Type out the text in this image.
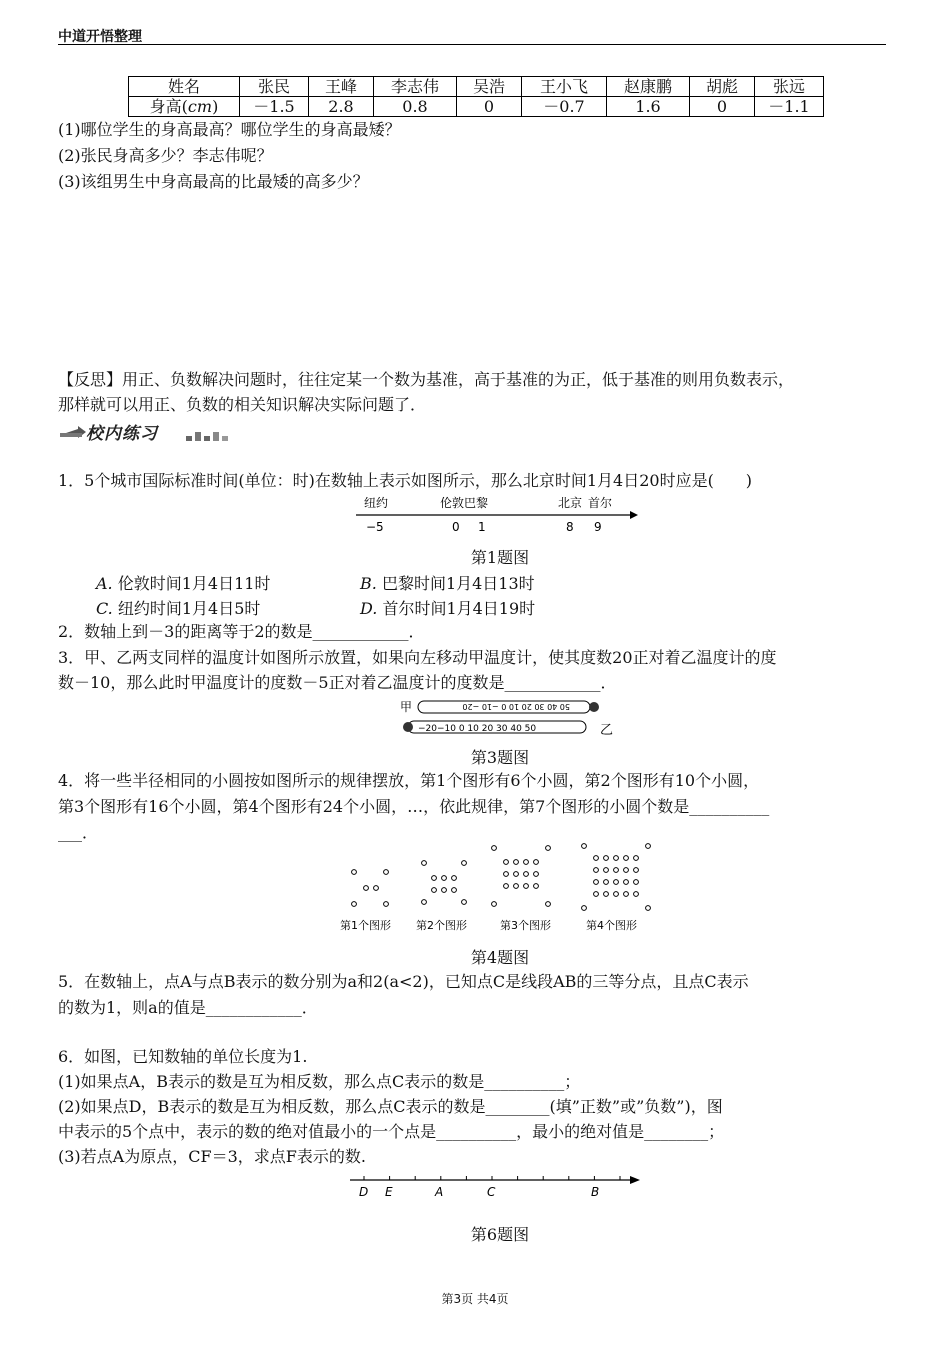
中道开悟整理
姓名	张民	王峰	李志伟	吴浩	王小飞	赵康鹏	胡彪	张远
身高(cm)	－1.5	2.8	0.8	0	－0.7	1.6	0	－1.1
(1)哪位学生的身高最高？哪位学生的身高最矮？
(2)张民身高多少？李志伟呢？
(3)该组男生中身高最高的比最矮的高多少？
【反思】用正、负数解决问题时，往往定某一个数为基准，高于基准的为正，低于基准的则用负数表示，
那样就可以用正、负数的相关知识解决实际问题了．
校内练习
1．5个城市国际标准时间(单位：时)在数轴上表示如图所示，那么北京时间1月4日20时应是(　　)
纽约	伦敦巴黎	北京 首尔
−5	0 1	8 9
第1题图
A. 伦敦时间1月4日11时	B. 巴黎时间1月4日13时
C. 纽约时间1月4日5时	D. 首尔时间1月4日19时
2．数轴上到－3的距离等于2的数是____________．
3．甲、乙两支同样的温度计如图所示放置，如果向左移动甲温度计，使其度数20正对着乙温度计的度
数－10，那么此时甲温度计的度数－5正对着乙温度计的度数是____________．
甲	50 40 30 20 10 0 −10 −20
−20−10 0 10 20 30 40 50	乙
第3题图
4．将一些半径相同的小圆按如图所示的规律摆放，第1个图形有6个小圆，第2个图形有10个小圆，
第3个图形有16个小圆，第4个图形有24个小圆，…，依此规律，第7个图形的小圆个数是__________
___．
第1个图形 第2个图形	第3个图形	第4个图形
第4题图
5．在数轴上，点A与点B表示的数分别为a和2(a<2)，已知点C是线段AB的三等分点，且点C表示
的数为1，则a的值是____________．
6．如图，已知数轴的单位长度为1.
(1)如果点A，B表示的数是互为相反数，那么点C表示的数是__________；
(2)如果点D，B表示的数是互为相反数，那么点C表示的数是________(填”正数”或”负数”)，图
中表示的5个点中，表示的数的绝对值最小的一个点是__________，最小的绝对值是________；
(3)若点A为原点，CF＝3，求点F表示的数.
D E	A	C	B
第6题图
第3页 共4页
